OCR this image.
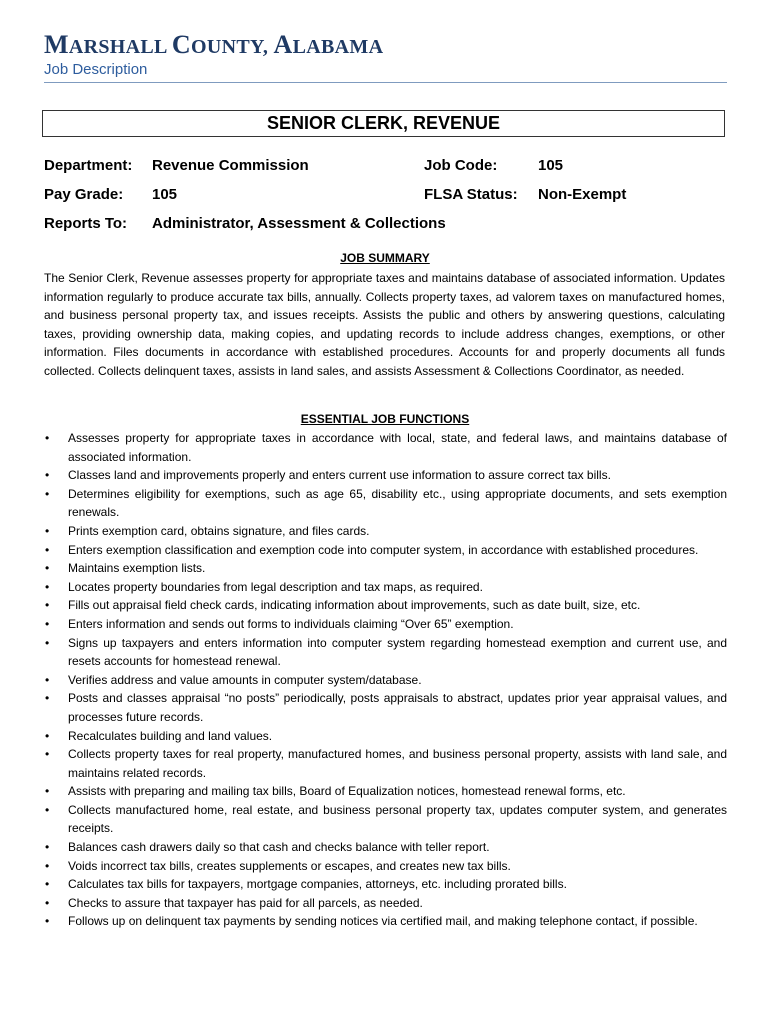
MARSHALL COUNTY, ALABAMA
Job Description
SENIOR CLERK, REVENUE
Department: Revenue Commission	Job Code:	105
Pay Grade: 105	FLSA Status: Non-Exempt
Reports To: Administrator, Assessment & Collections
JOB SUMMARY

The Senior Clerk, Revenue assesses property for appropriate taxes and maintains database of associated information. Updates information regularly to produce accurate tax bills, annually. Collects property taxes, ad valorem taxes on manufactured homes, and business personal property tax, and issues receipts. Assists the public and others by answering questions, calculating taxes, providing ownership data, making copies, and updating records to include address changes, exemptions, or other information. Files documents in accordance with established procedures. Accounts for and properly documents all funds collected. Collects delinquent taxes, assists in land sales, and assists Assessment & Collections Coordinator, as needed.

ESSENTIAL JOB FUNCTIONS
• Assesses property for appropriate taxes in accordance with local, state, and federal laws, and maintains database of associated information.
• Classes land and improvements properly and enters current use information to assure correct tax bills.
• Determines eligibility for exemptions, such as age 65, disability etc., using appropriate documents, and sets exemption renewals.
• Prints exemption card, obtains signature, and files cards.
• Enters exemption classification and exemption code into computer system, in accordance with established procedures.
• Maintains exemption lists.
• Locates property boundaries from legal description and tax maps, as required.
• Fills out appraisal field check cards, indicating information about improvements, such as date built, size, etc.
• Enters information and sends out forms to individuals claiming “Over 65” exemption.
• Signs up taxpayers and enters information into computer system regarding homestead exemption and current use, and resets accounts for homestead renewal.
• Verifies address and value amounts in computer system/database.
• Posts and classes appraisal “no posts” periodically, posts appraisals to abstract, updates prior year appraisal values, and processes future records.
• Recalculates building and land values.
• Collects property taxes for real property, manufactured homes, and business personal property, assists with land sale, and maintains related records.
• Assists with preparing and mailing tax bills, Board of Equalization notices, homestead renewal forms, etc.
• Collects manufactured home, real estate, and business personal property tax, updates computer system, and generates receipts.
• Balances cash drawers daily so that cash and checks balance with teller report.
• Voids incorrect tax bills, creates supplements or escapes, and creates new tax bills.
• Calculates tax bills for taxpayers, mortgage companies, attorneys, etc. including prorated bills.
• Checks to assure that taxpayer has paid for all parcels, as needed.
• Follows up on delinquent tax payments by sending notices via certified mail, and making telephone contact, if possible.
